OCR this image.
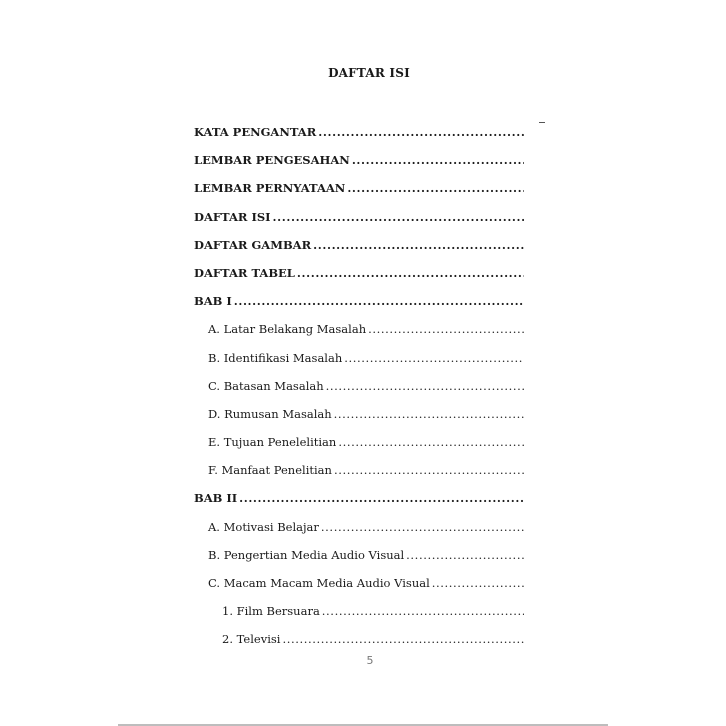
DAFTAR ISI
KATA PENGANTAR
.....
LEMBAR PENGESAHAN
.....
LEMBAR PERNYATAAN
.....
DAFTAR ISI
.....
DAFTAR GAMBAR
.....
DAFTAR TABEL
.....
BAB I
.....
A. Latar Belakang Masalah
.....
B. Identifikasi Masalah
.....
C. Batasan Masalah
.....
D. Rumusan Masalah
.....
E. Tujuan Penelelitian
.....
F. Manfaat Penelitian
.....
BAB II
.....
A. Motivasi Belajar
.....
B. Pengertian Media Audio Visual
.....
C. Macam Macam Media Audio Visual
.....
1. Film Bersuara
.....
2. Televisi
.....
5
